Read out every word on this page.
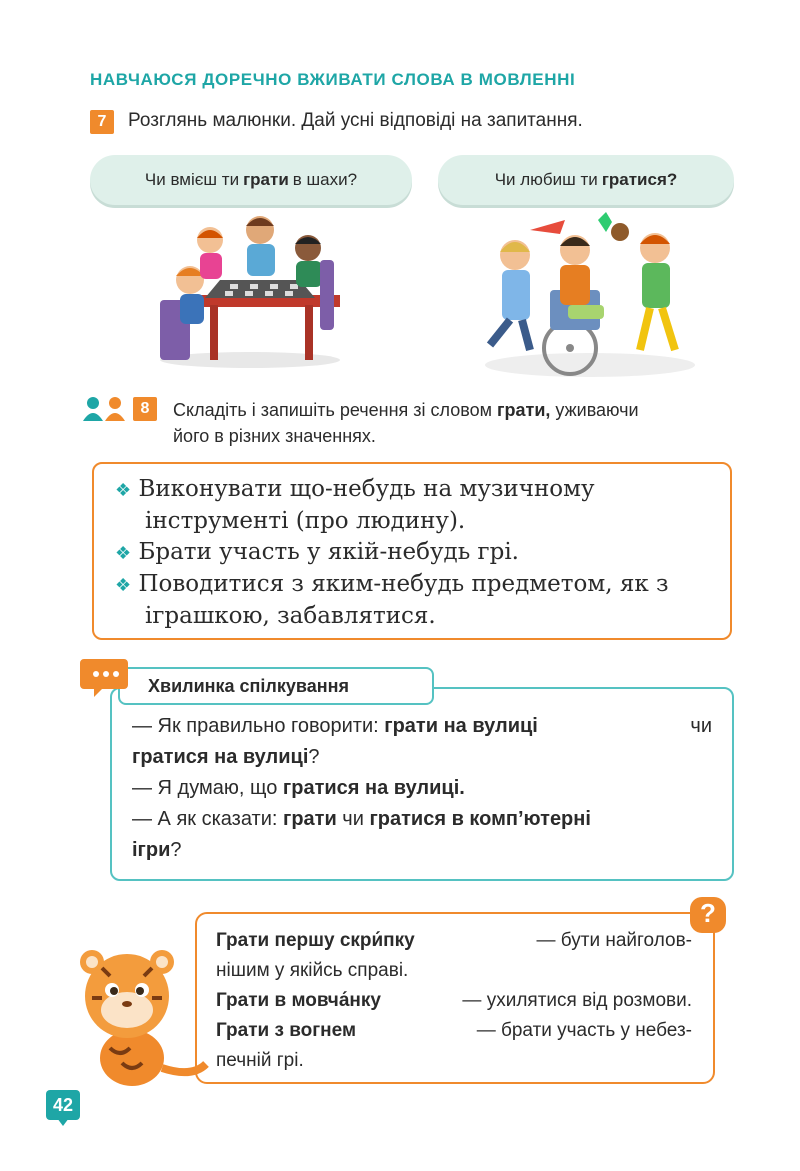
НАВЧАЮСЯ ДОРЕЧНО ВЖИВАТИ СЛОВА В МОВЛЕННІ
7	Розглянь малюнки. Дай усні відповіді на запитання.
Чи вмієш ти грати в шахи?	Чи любиш ти гратися?
8	Складіть і запишіть речення зі словом грати, уживаючи
його в різних значеннях.
❖ Виконувати що-небудь на музичному
інструменті (про людину).
❖ Брати участь у якій-небудь грі.
❖ Поводитися з яким-небудь предметом, як з
іграшкою, забавлятися.
Хвилинка спілкування
— Як правильно говорити: грати на вулиці	чи
гратися на вулиці?
— Я думаю, що гратися на вулиці.
— А як сказати: грати чи гратися в комп’ютерні
ігри?
?
Грати першу скри́пку	— бути найголов-
нішим у якійсь справі.
Грати в мовча́нку	— ухилятися від розмови.
Грати з вогнем	— брати участь у небез-
печній грі.
42
